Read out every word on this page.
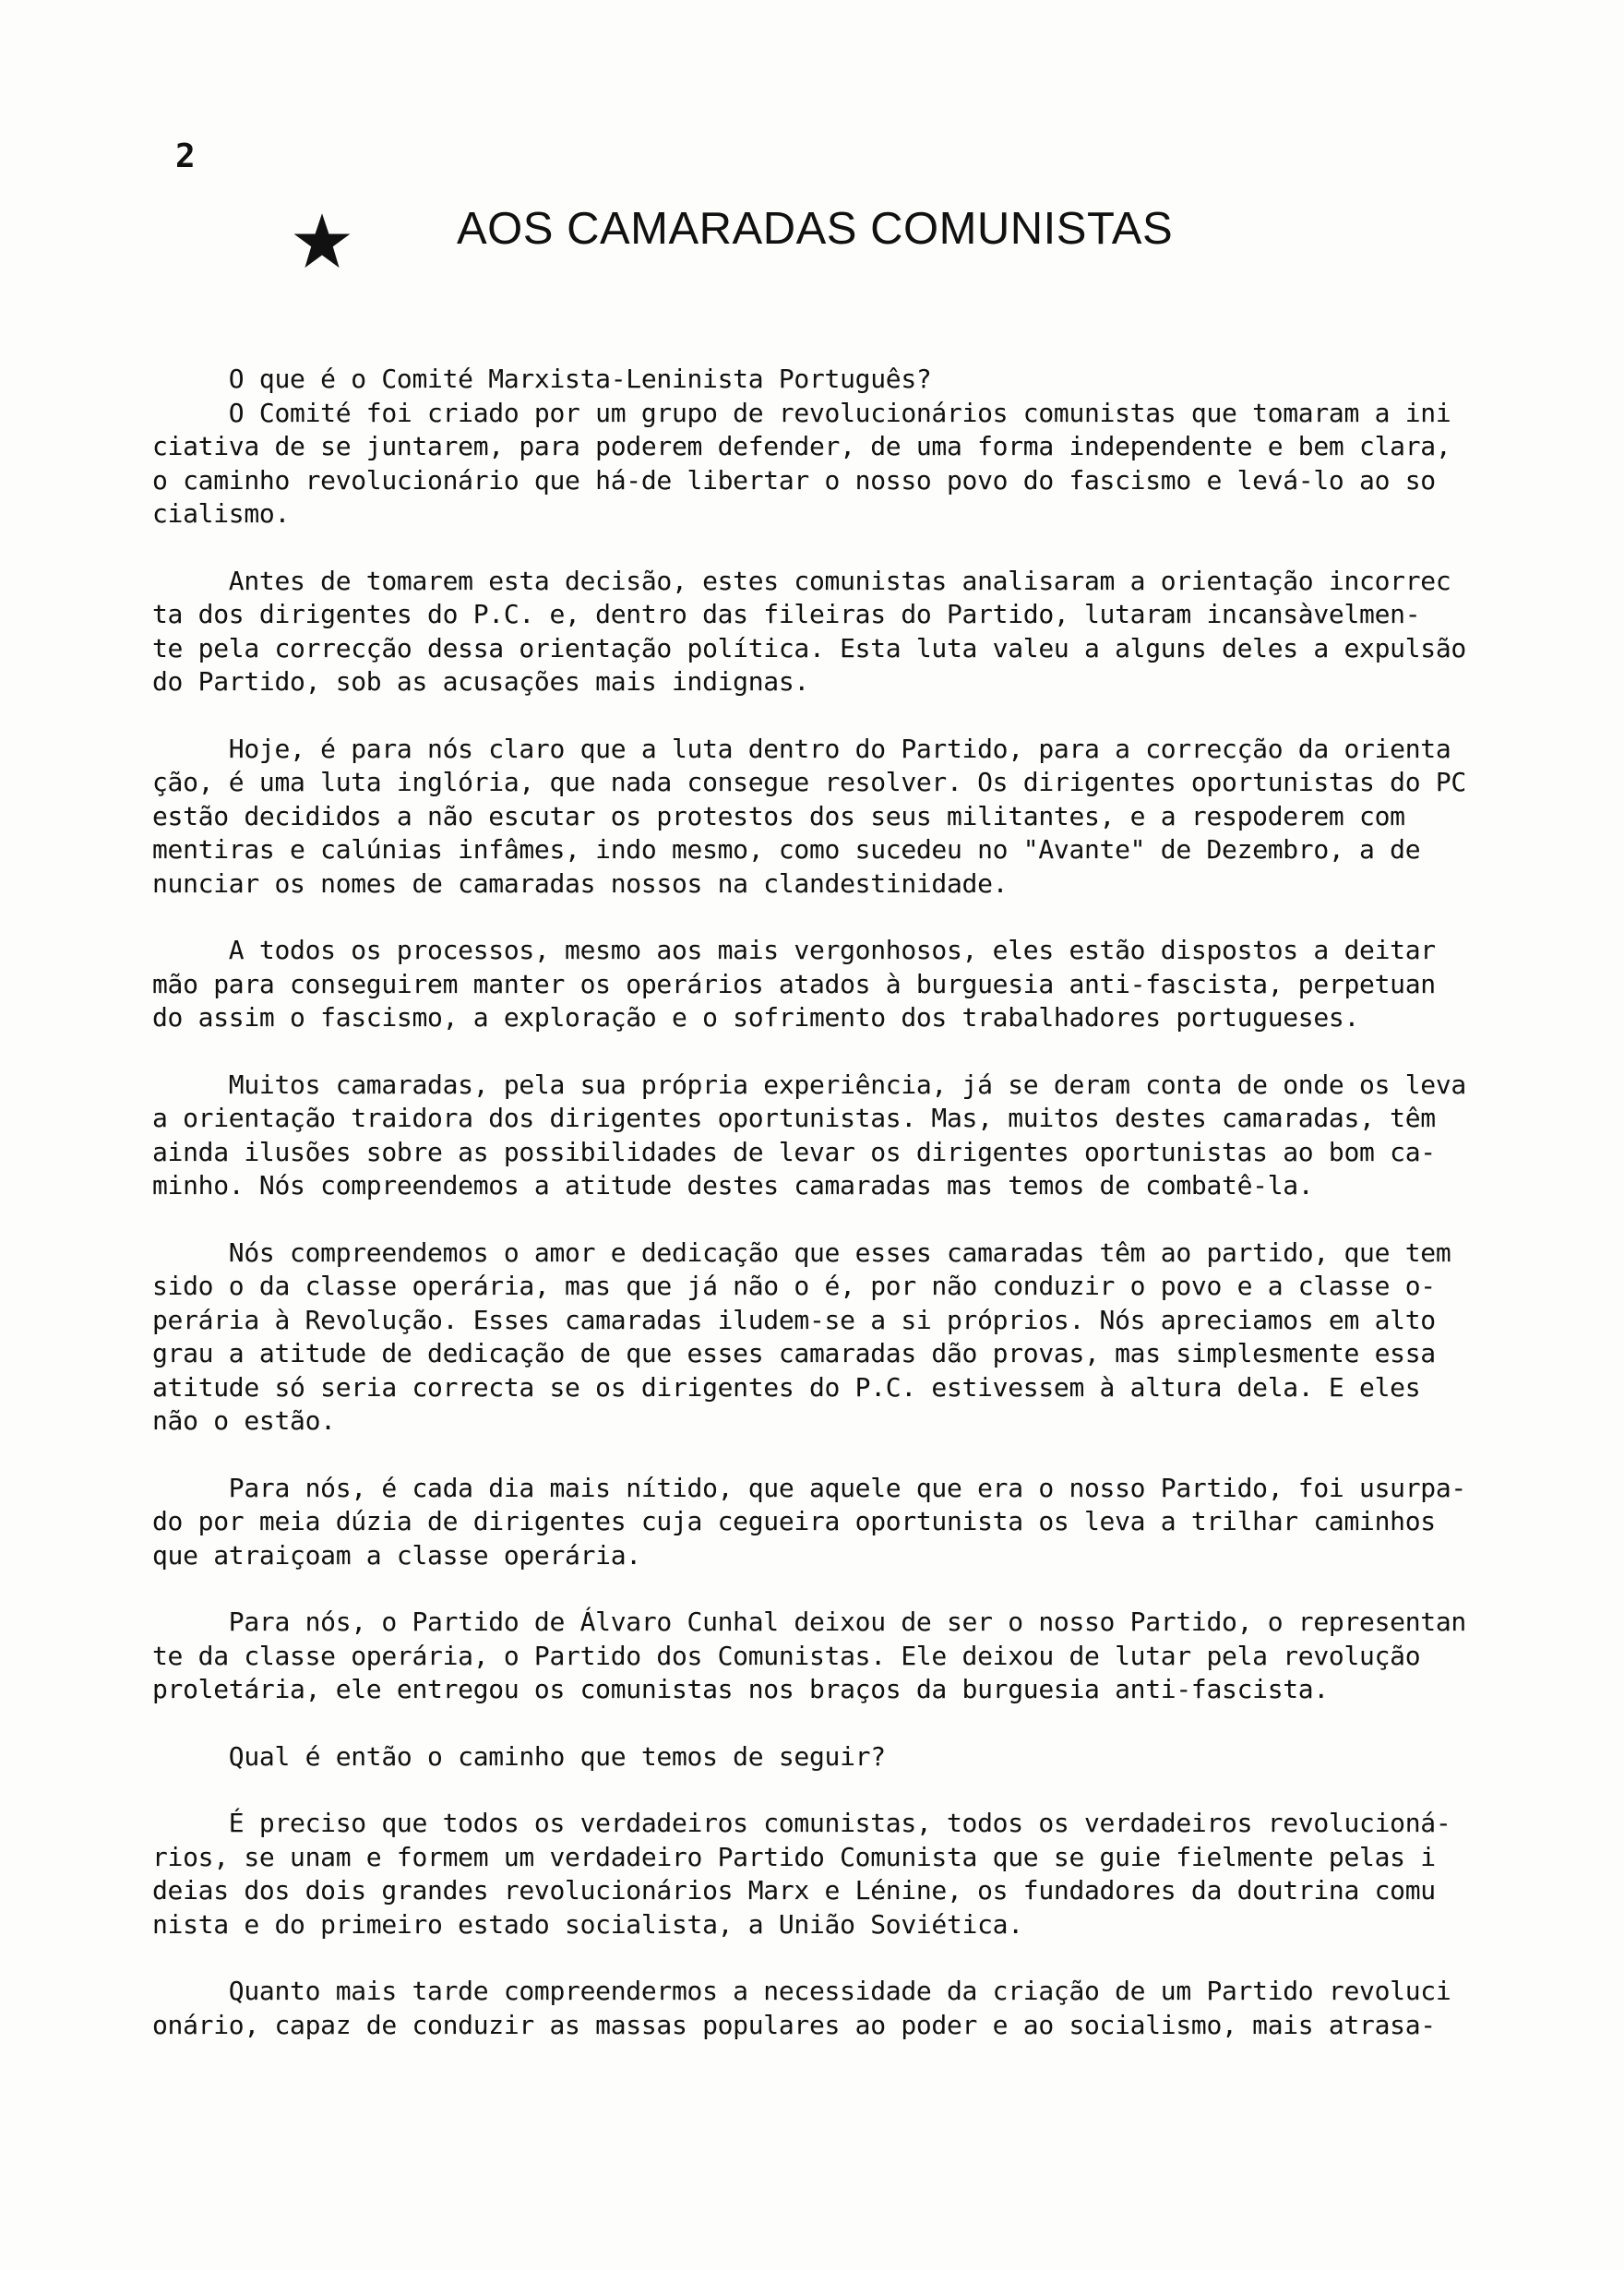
2
AOS CAMARADAS COMUNISTAS

O que é o Comité Marxista-Leninista Português?
O Comité foi criado por um grupo de revolucionários comunistas que tomaram a ini
ciativa de se juntarem, para poderem defender, de uma forma independente e bem clara,
o caminho revolucionário que há-de libertar o nosso povo do fascismo e levá-lo ao so
cialismo.

Antes de tomarem esta decisão, estes comunistas analisaram a orientação incorrec
ta dos dirigentes do P.C. e, dentro das fileiras do Partido, lutaram incansàvelmen-
te pela correcção dessa orientação política. Esta luta valeu a alguns deles a expulsão
do Partido, sob as acusações mais indignas.

Hoje, é para nós claro que a luta dentro do Partido, para a correcção da orienta
ção, é uma luta inglória, que nada consegue resolver. Os dirigentes oportunistas do PC
estão decididos a não escutar os protestos dos seus militantes, e a respoderem com
mentiras e calúnias infâmes, indo mesmo, como sucedeu no "Avante" de Dezembro, a de
nunciar os nomes de camaradas nossos na clandestinidade.

A todos os processos, mesmo aos mais vergonhosos, eles estão dispostos a deitar
mão para conseguirem manter os operários atados à burguesia anti-fascista, perpetuan
do assim o fascismo, a exploração e o sofrimento dos trabalhadores portugueses.

Muitos camaradas, pela sua própria experiência, já se deram conta de onde os leva
a orientação traidora dos dirigentes oportunistas. Mas, muitos destes camaradas, têm
ainda ilusões sobre as possibilidades de levar os dirigentes oportunistas ao bom ca-
minho. Nós compreendemos a atitude destes camaradas mas temos de combatê-la.

Nós compreendemos o amor e dedicação que esses camaradas têm ao partido, que tem
sido o da classe operária, mas que já não o é, por não conduzir o povo e a classe o-
perária à Revolução. Esses camaradas iludem-se a si próprios. Nós apreciamos em alto
grau a atitude de dedicação de que esses camaradas dão provas, mas simplesmente essa
atitude só seria correcta se os dirigentes do P.C. estivessem à altura dela. E eles
não o estão.

Para nós, é cada dia mais nítido, que aquele que era o nosso Partido, foi usurpa-
do por meia dúzia de dirigentes cuja cegueira oportunista os leva a trilhar caminhos
que atraiçoam a classe operária.

Para nós, o Partido de Álvaro Cunhal deixou de ser o nosso Partido, o representan
te da classe operária, o Partido dos Comunistas. Ele deixou de lutar pela revolução
proletária, ele entregou os comunistas nos braços da burguesia anti-fascista.

Qual é então o caminho que temos de seguir?

É preciso que todos os verdadeiros comunistas, todos os verdadeiros revolucioná-
rios, se unam e formem um verdadeiro Partido Comunista que se guie fielmente pelas i
deias dos dois grandes revolucionários Marx e Lénine, os fundadores da doutrina comu
nista e do primeiro estado socialista, a União Soviética.

Quanto mais tarde compreendermos a necessidade da criação de um Partido revoluci
onário, capaz de conduzir as massas populares ao poder e ao socialismo, mais atrasa-
